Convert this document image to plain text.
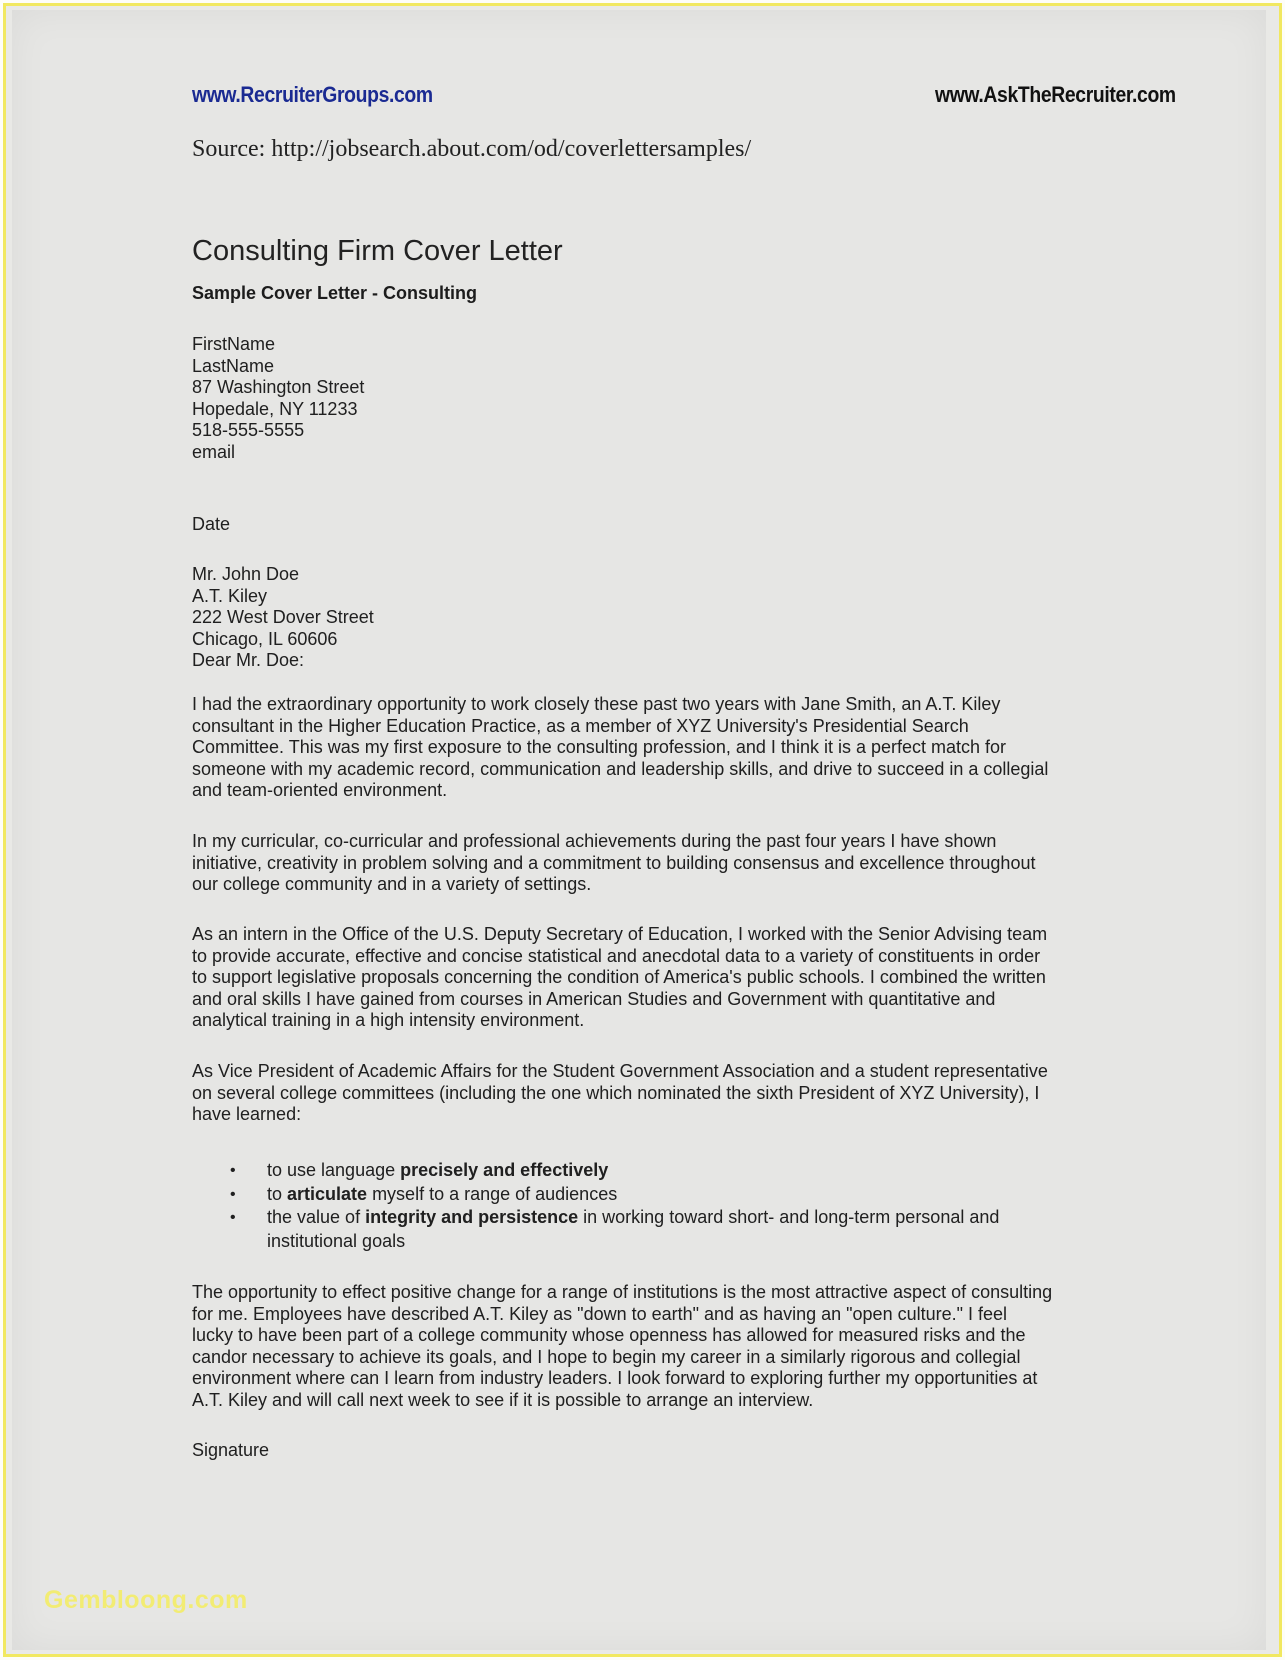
www.RecruiterGroups.com	www.AskTheRecruiter.com
Source: http://jobsearch.about.com/od/coverlettersamples/
Consulting Firm Cover Letter
Sample Cover Letter - Consulting
FirstName
LastName
87 Washington Street
Hopedale, NY 11233
518-555-5555
email
Date
Mr. John Doe
A.T. Kiley
222 West Dover Street
Chicago, IL 60606
Dear Mr. Doe:
I had the extraordinary opportunity to work closely these past two years with Jane Smith, an A.T. Kiley
consultant in the Higher Education Practice, as a member of XYZ University's Presidential Search
Committee. This was my first exposure to the consulting profession, and I think it is a perfect match for
someone with my academic record, communication and leadership skills, and drive to succeed in a collegial
and team-oriented environment.
In my curricular, co-curricular and professional achievements during the past four years I have shown
initiative, creativity in problem solving and a commitment to building consensus and excellence throughout
our college community and in a variety of settings.
As an intern in the Office of the U.S. Deputy Secretary of Education, I worked with the Senior Advising team
to provide accurate, effective and concise statistical and anecdotal data to a variety of constituents in order
to support legislative proposals concerning the condition of America's public schools. I combined the written
and oral skills I have gained from courses in American Studies and Government with quantitative and
analytical training in a high intensity environment.
As Vice President of Academic Affairs for the Student Government Association and a student representative
on several college committees (including the one which nominated the sixth President of XYZ University), I
have learned:
• to use language precisely and effectively
• to articulate myself to a range of audiences
• the value of integrity and persistence in working toward short- and long-term personal and
institutional goals
The opportunity to effect positive change for a range of institutions is the most attractive aspect of consulting
for me. Employees have described A.T. Kiley as "down to earth" and as having an "open culture." I feel
lucky to have been part of a college community whose openness has allowed for measured risks and the
candor necessary to achieve its goals, and I hope to begin my career in a similarly rigorous and collegial
environment where can I learn from industry leaders. I look forward to exploring further my opportunities at
A.T. Kiley and will call next week to see if it is possible to arrange an interview.
Signature
Gembloong.com
